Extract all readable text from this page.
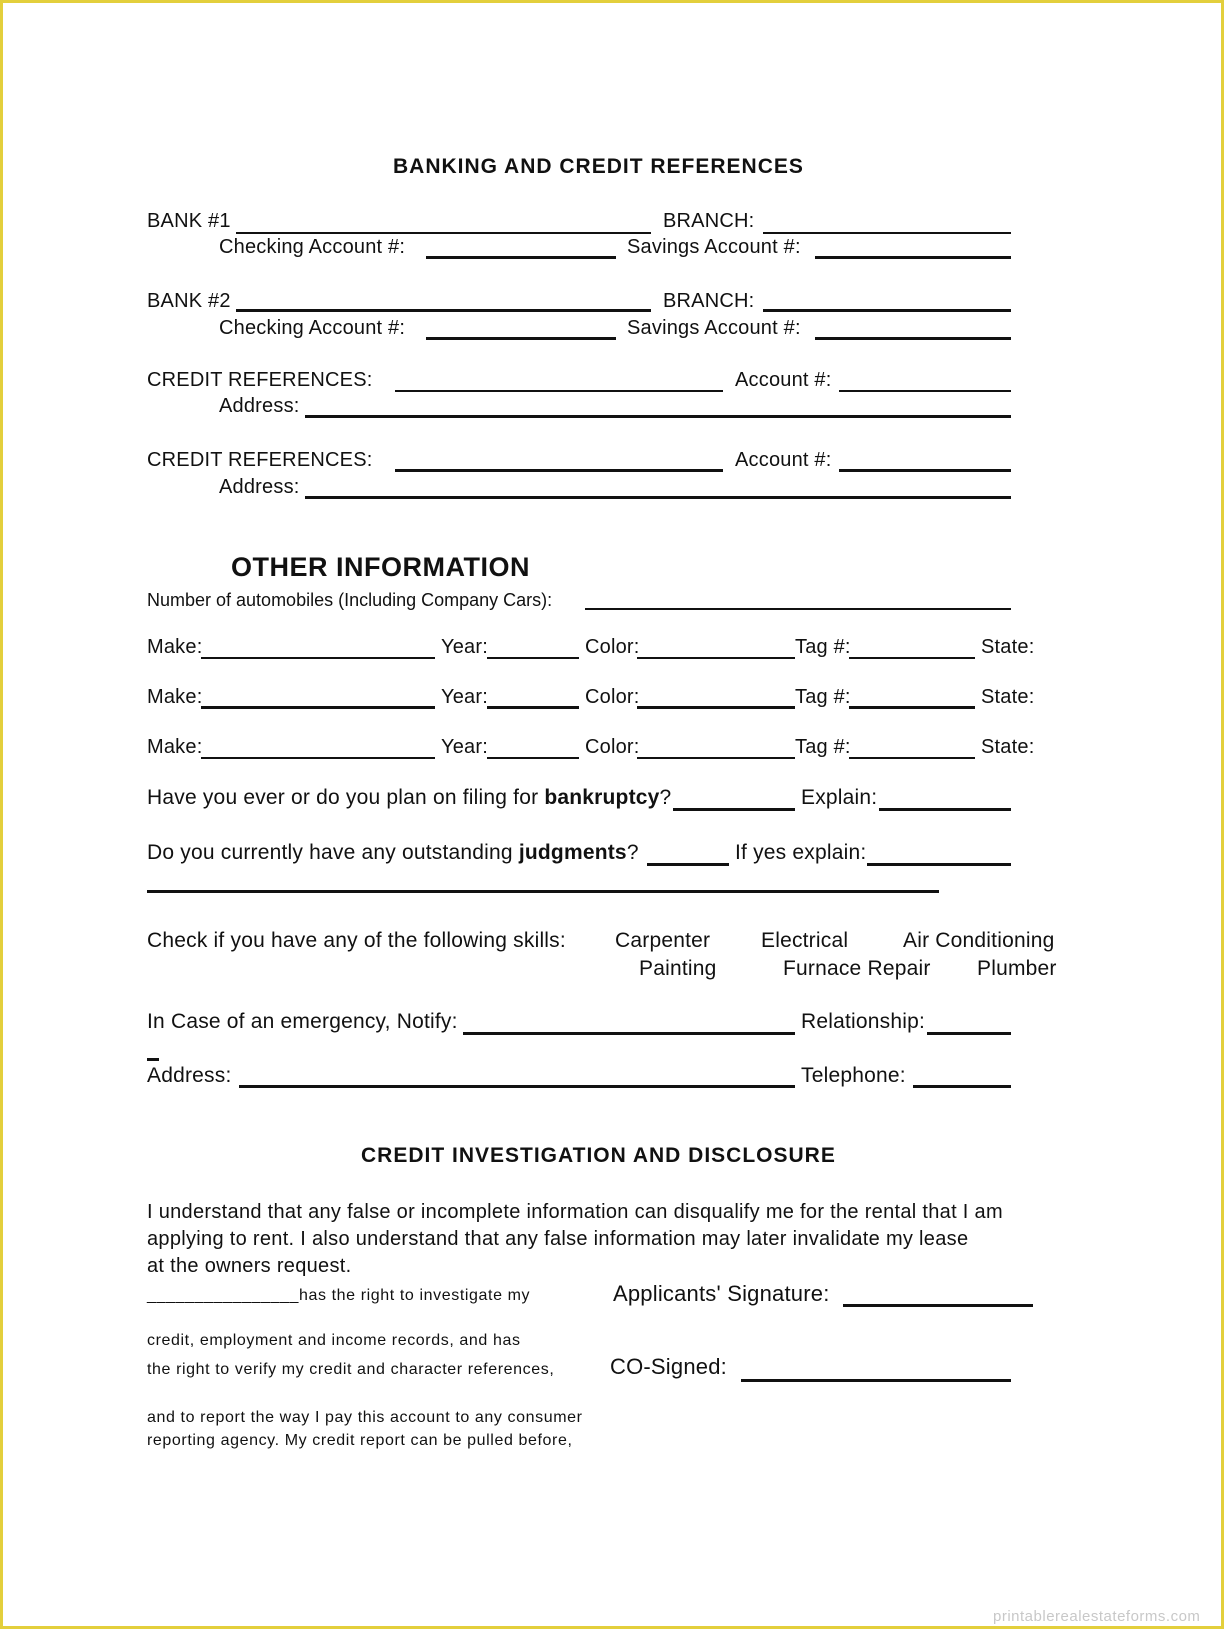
BANKING AND CREDIT REFERENCES
BANK #1	BRANCH:
Checking Account #:	Savings Account #:
BANK #2	BRANCH:
Checking Account #:	Savings Account #:
CREDIT REFERENCES:	Account #:
Address:
CREDIT REFERENCES:	Account #:
Address:
OTHER INFORMATION
Number of automobiles (Including Company Cars):
Make:	Year:	Color:	Tag #:	State:
Make:	Year:	Color:	Tag #:	State:
Make:	Year:	Color:	Tag #:	State:
Have you ever or do you plan on filing for bankruptcy?	Explain:
Do you currently have any outstanding judgments?	If yes explain:
Check if you have any of the following skills: Carpenter Electrical	Air Conditioning
Painting	Furnace Repair Plumber
In Case of an emergency, Notify:	Relationship:
Address:	Telephone:
CREDIT INVESTIGATION AND DISCLOSURE
I understand that any false or incomplete information can disqualify me for the rental that I am
applying to rent. I also understand that any false information may later invalidate my lease
at the owners request.
________________has the right to investigate my	Applicants' Signature:
credit, employment and income records, and has
the right to verify my credit and character references,	CO-Signed:
and to report the way I pay this account to any consumer
reporting agency. My credit report can be pulled before,
printablerealestateforms.com
